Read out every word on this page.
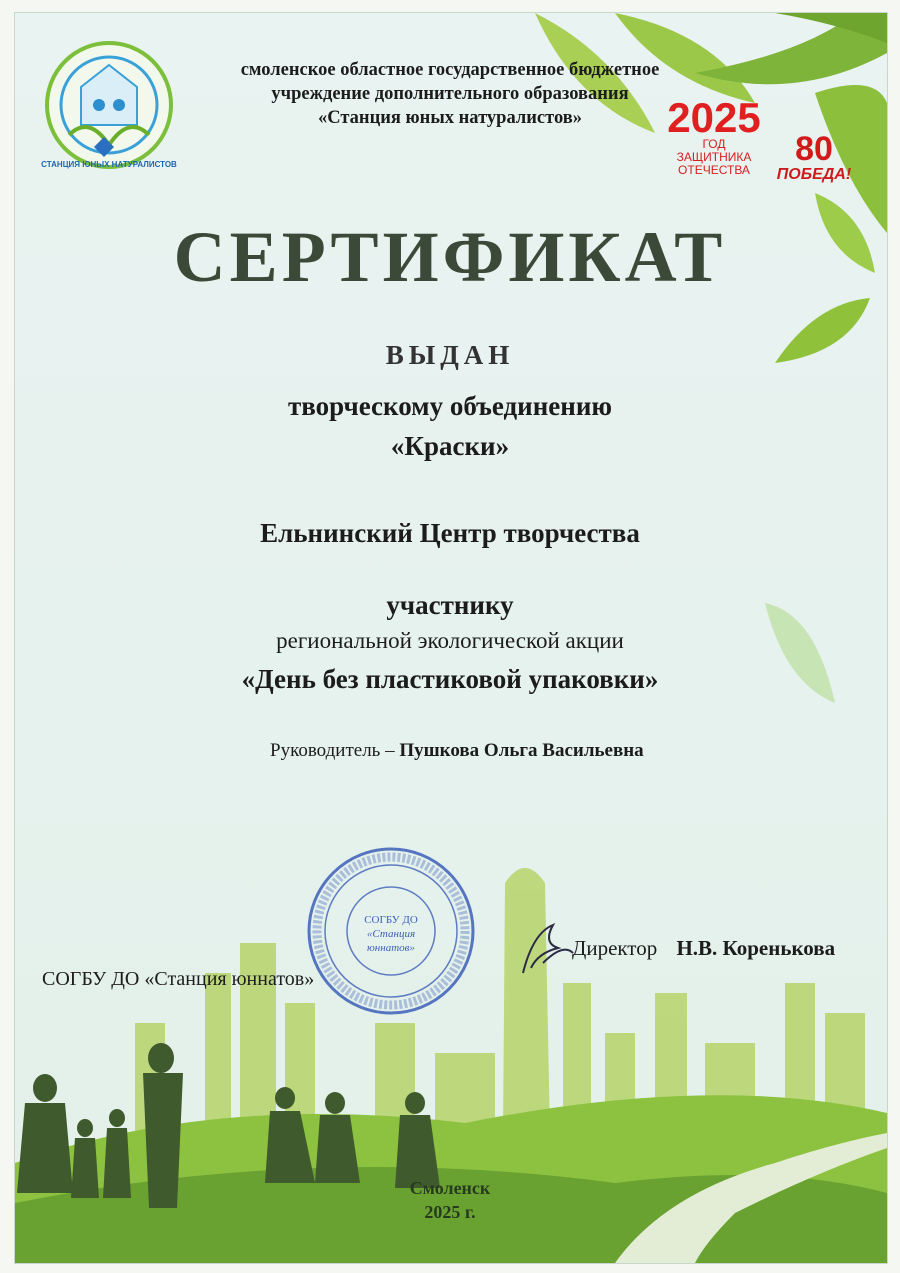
СТАНЦИЯ ЮНЫХ НАТУРАЛИСТОВ
СОГБУ ДО
«Станция
юннатов»
смоленское областное государственное бюджетное
учреждение дополнительного образования
«Станция юных натуралистов»	2025
ГОД ЗАЩИТНИКА
ОТЕЧЕСТВА
80
ПОБЕДА!
СЕРТИФИКАТ
ВЫДАН
творческому объединению
«Краски»
Ельнинский Центр творчества
участнику
региональной экологической акции
«День без пластиковой упаковки»
Руководитель – Пушкова Ольга Васильевна
СОГБУ ДО «Станция юннатов»
Директор Н.В. Коренькова
Смоленск
2025 г.
